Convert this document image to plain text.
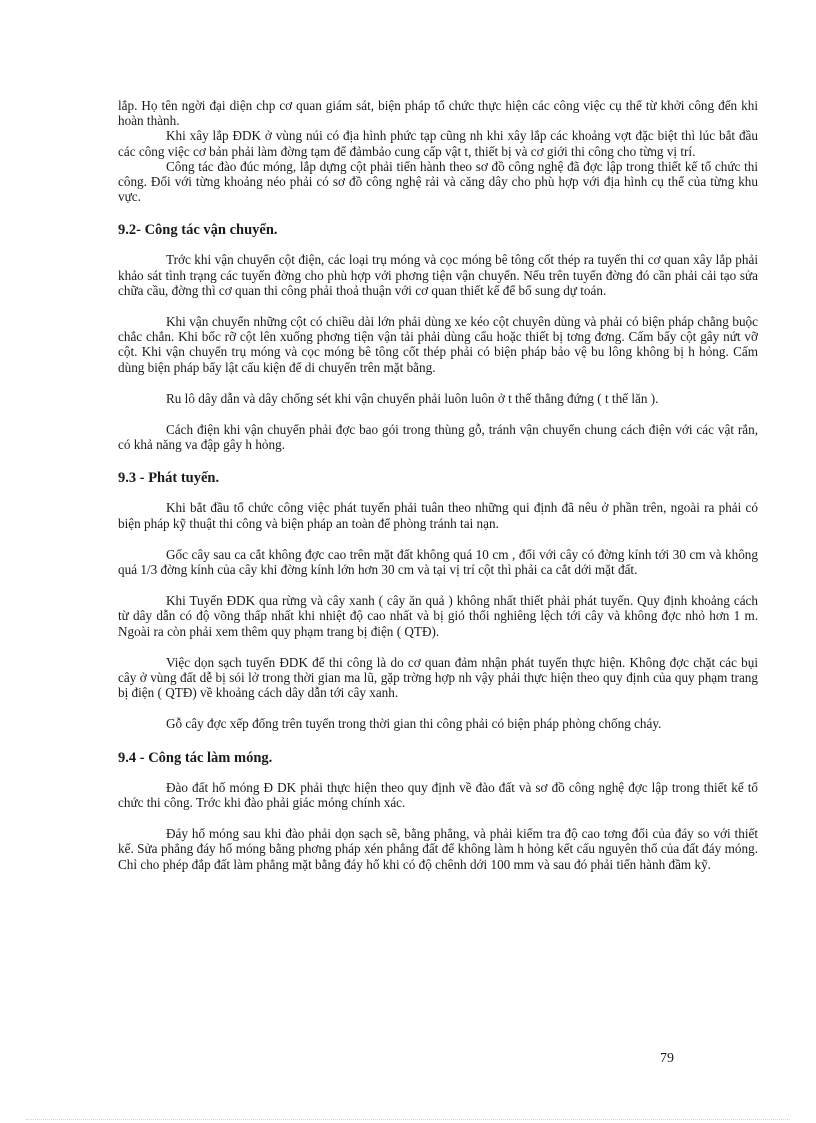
lắp. Họ tên ngời đại diện chp cơ quan giám sát, biện pháp tổ chức thực hiện các công việc cụ thể từ khởi công đến khi hoàn thành.

Khi xây lắp ĐDK ở vùng núi có địa hình phức tạp cũng nh khi xây lắp các khoảng vợt đặc biệt thì lúc bắt đầu các công việc cơ bản phải làm đờng tạm để đảmbảo cung cấp vật t, thiết bị và cơ giới thi công cho từng vị trí.

Công tác đào đúc móng, lắp dựng cột phải tiến hành theo sơ đồ công nghệ đã đợc lập trong thiết kế tổ chức thi công. Đối với từng khoảng néo phải có sơ đồ công nghệ rải và căng dây cho phù hợp với địa hình cụ thể của từng khu vực.

9.2- Công tác vận chuyển.

Trớc khi vận chuyển cột điện, các loại trụ móng và cọc móng bê tông cốt thép ra tuyến thi cơ quan xây lắp phải khảo sát tình trạng các tuyến đờng cho phù hợp với phơng tiện vận chuyển. Nếu trên tuyến đờng đó cần phải cải tạo sửa chữa cầu, đờng thì cơ quan thi công phải thoả thuận với cơ quan thiết kế để bổ sung dự toán.

Khi vận chuyển những cột có chiều dài lớn phải dùng xe kéo cột chuyên dùng và phải có biện pháp chằng buộc chắc chắn. Khi bốc rỡ cột lên xuống phơng tiện vận tải phải dùng cẩu hoặc thiết bị tơng đơng. Cấm bẩy cột gây nứt vỡ cột. Khi vận chuyển trụ móng và cọc móng bê tông cốt thép phải có biện pháp bảo vệ bu lông không bị h hỏng. Cấm dùng biện pháp bẩy lật cấu kiện để di chuyển trên mặt bằng.

Ru lô dây dẫn và dây chống sét khi vận chuyển phải luôn luôn ở t thế thẳng đứng ( t thế lăn ).

Cách điện khi vận chuyển phải đợc bao gói trong thùng gỗ, tránh vận chuyển chung cách điện với các vật rắn, có khả năng va đập gây h hỏng.

9.3 - Phát tuyến.

Khi bắt đầu tổ chức công việc phát tuyến phải tuân theo những qui định đã nêu ở phần trên, ngoài ra phải có biện pháp kỹ thuật thi công và biện pháp an toàn để phòng tránh tai nạn.

Gốc cây sau ca cắt không đợc cao trên mặt đất không quá 10 cm , đối với cây có đờng kính tới 30 cm và không quá 1/3 đờng kính của cây khi đờng kính lớn hơn 30 cm và tại vị trí cột thì phải ca cắt dới mặt đất.

Khi Tuyến ĐDK qua rừng và cây xanh ( cây ăn quả ) không nhất thiết phải phát tuyến. Quy định khoảng cách từ dây dẫn có độ võng thấp nhất khi nhiệt độ cao nhất và bị gió thổi nghiêng lệch tới cây và không đợc nhỏ hơn 1 m. Ngoài ra còn phải xem thêm quy phạm trang bị điện ( QTĐ).

Việc dọn sạch tuyến ĐDK để thi công là do cơ quan đảm nhận phát tuyến thực hiện. Không đợc chặt các bụi cây ở vùng đất dễ bị sói lở trong thời gian ma lũ, gặp trờng hợp nh vậy phải thực hiện theo quy định của quy phạm trang bị điện ( QTĐ) về khoảng cách dây dẫn tới cây xanh.

Gỗ cây đợc xếp đống trên tuyến trong thời gian thi công phải có biện pháp phòng chống cháy.

9.4 - Công tác làm móng.

Đào đất hố móng Đ DK phải thực hiện theo quy định về đào đất và sơ đồ công nghệ đợc lập trong thiết kế tổ chức thi công. Trớc khi đào phải giác móng chính xác.

Đáy hố móng sau khi đào phải dọn sạch sẽ, bằng phẳng, và phải kiểm tra độ cao tơng đối của đáy so với thiết kế. Sửa phẳng đáy hố móng bằng phơng pháp xén phẳng đất để không làm h hỏng kết cấu nguyên thổ của đất đáy móng. Chỉ cho phép đắp đất làm phẳng mặt bằng đáy hố khi có độ chênh dới 100 mm và sau đó phải tiến hành đầm kỹ.

79
